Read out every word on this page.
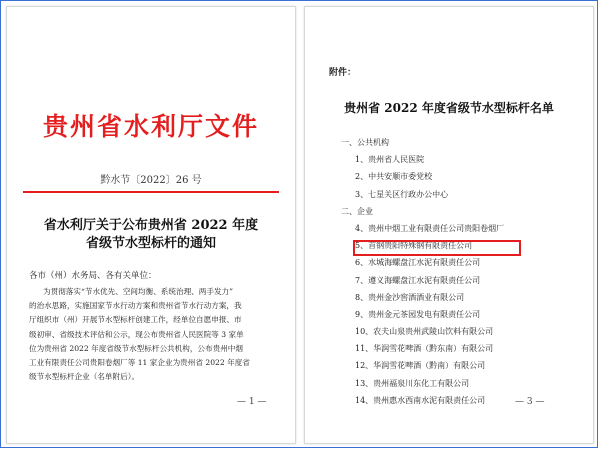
贵州省水利厅文件
黔水节〔2022〕26 号
省水利厅关于公布贵州省 2022 年度
省级节水型标杆的通知
各市（州）水务局、各有关单位：
为贯彻落实“节水优先、空间均衡、系统治理、两手发力”
的治水思路，实施国家节水行动方案和贵州省节水行动方案，我
厅组织市（州）开展节水型标杆创建工作，经单位自愿申报、市
级初审、省级技术评估和公示，现公布贵州省人民医院等 3 家单
位为贵州省 2022 年度省级节水型标杆公共机构，公布贵州中烟
工业有限责任公司贵阳卷烟厂等 11 家企业为贵州省 2022 年度省
级节水型标杆企业（名单附后）。
— 1 —
附件：
贵州省 2022 年度省级节水型标杆名单
一、公共机构
1、贵州省人民医院
2、中共安顺市委党校
3、七星关区行政办公中心
二、企业
4、贵州中烟工业有限责任公司贵阳卷烟厂
5、首钢贵阳特殊钢有限责任公司
6、水城海螺盘江水泥有限责任公司
7、遵义海螺盘江水泥有限责任公司
8、贵州金沙窖酒酒业有限公司
9、贵州金元茶园发电有限责任公司
10、农夫山泉贵州武陵山饮料有限公司
11、华润雪花啤酒（黔东南）有限公司
12、华润雪花啤酒（黔南）有限公司
13、贵州福泉川东化工有限公司
14、贵州惠水西南水泥有限责任公司	— 3 —
